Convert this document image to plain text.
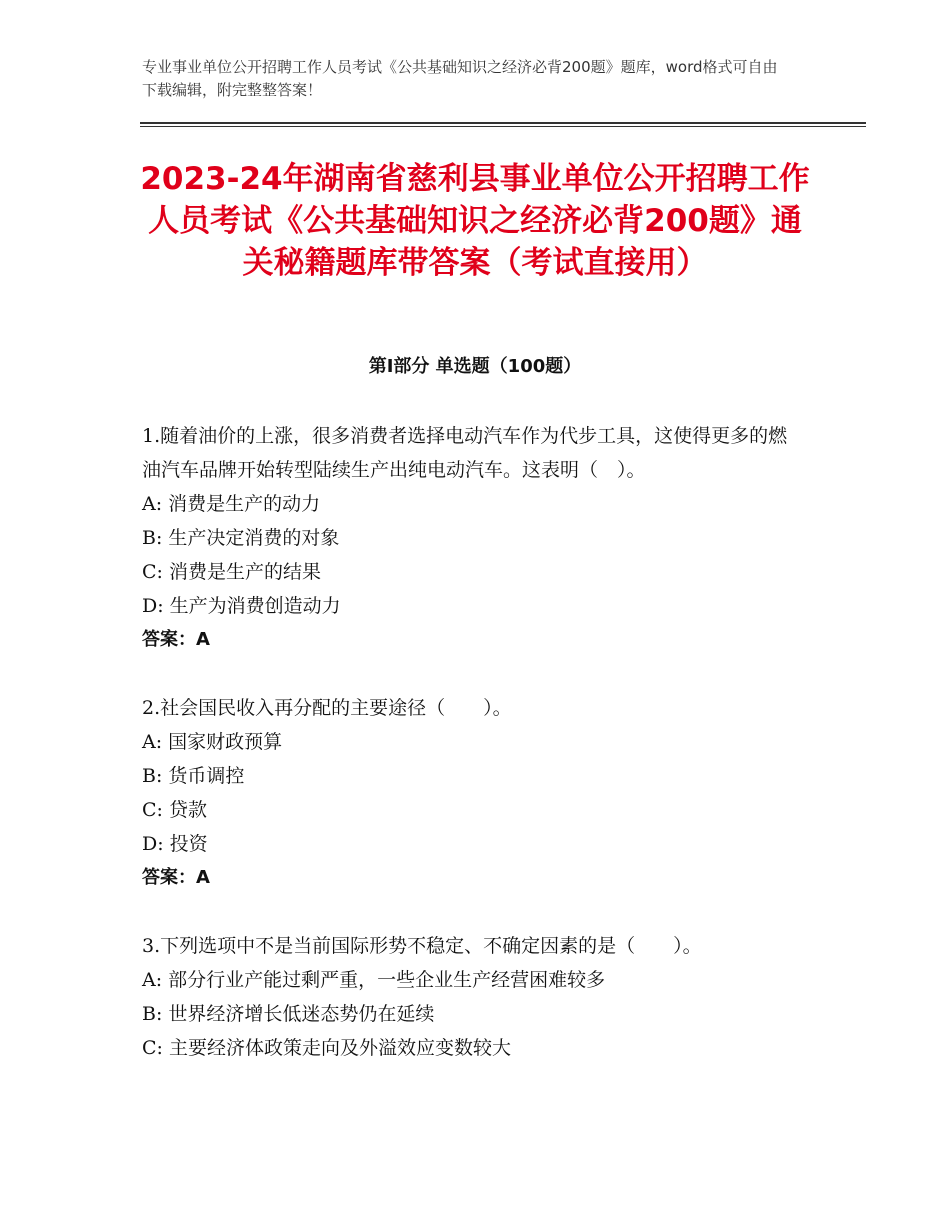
专业事业单位公开招聘工作人员考试《公共基础知识之经济必背200题》题库，word格式可自由下载编辑，附完整整答案！
2023-24年湖南省慈利县事业单位公开招聘工作人员考试《公共基础知识之经济必背200题》通关秘籍题库带答案（考试直接用）
第Ⅰ部分 单选题（100题）

1.随着油价的上涨，很多消费者选择电动汽车作为代步工具，这使得更多的燃油汽车品牌开始转型陆续生产出纯电动汽车。这表明（　）。

A: 消费是生产的动力

B: 生产决定消费的对象

C: 消费是生产的结果

D: 生产为消费创造动力

答案：A

2.社会国民收入再分配的主要途径（　　）。

A: 国家财政预算

B: 货币调控

C: 贷款

D: 投资

答案：A

3.下列选项中不是当前国际形势不稳定、不确定因素的是（　　）。

A: 部分行业产能过剩严重，一些企业生产经营困难较多

B: 世界经济增长低迷态势仍在延续

C: 主要经济体政策走向及外溢效应变数较大
